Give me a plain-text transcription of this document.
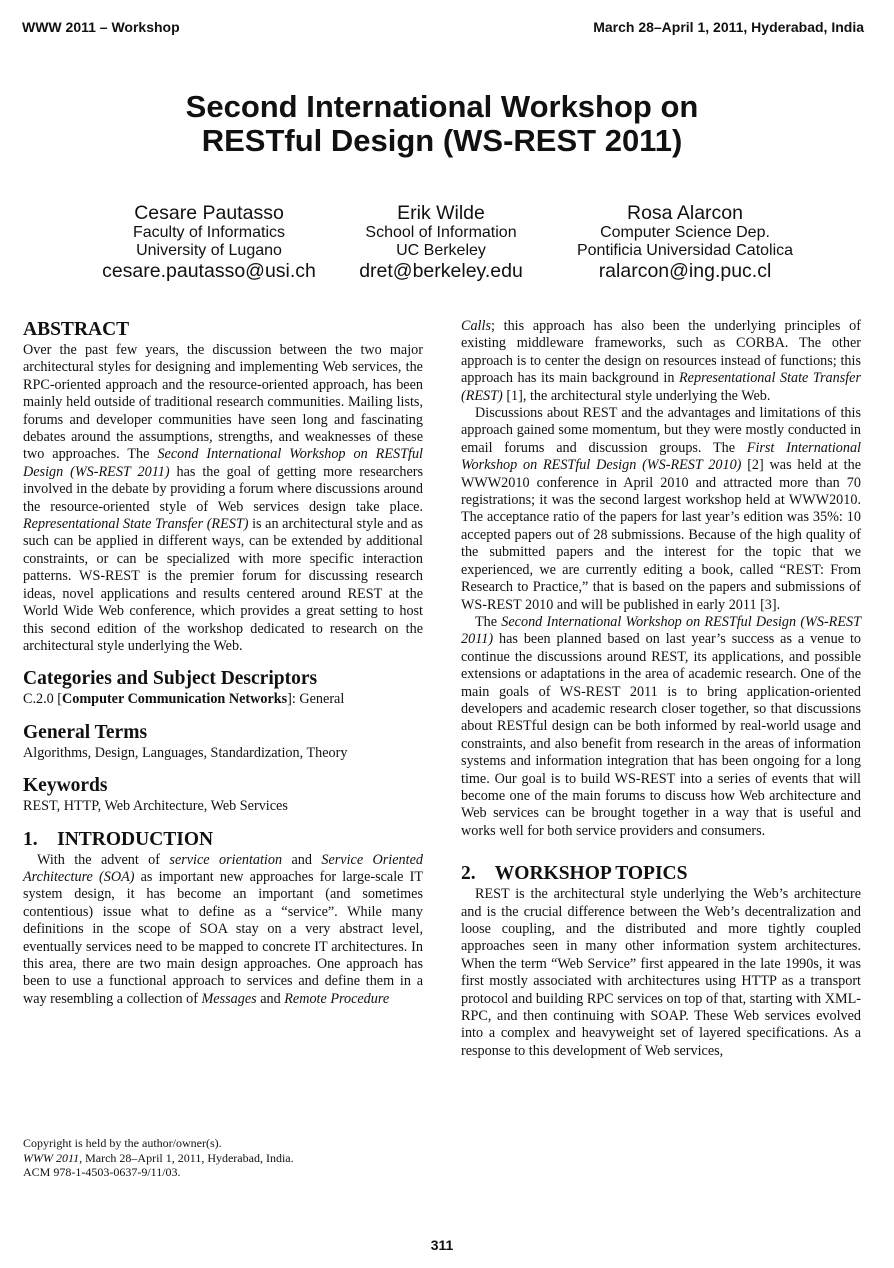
WWW 2011 – Workshop	March 28–April 1, 2011, Hyderabad, India
Second International Workshop on
RESTful Design (WS-REST 2011)
Cesare Pautasso
Faculty of Informatics
University of Lugano
cesare.pautasso@usi.ch
Erik Wilde
School of Information
UC Berkeley
dret@berkeley.edu
Rosa Alarcon
Computer Science Dep.
Pontificia Universidad Catolica
ralarcon@ing.puc.cl
ABSTRACT

Over the past few years, the discussion between the two major architectural styles for designing and implementing Web services, the RPC-oriented approach and the resource-oriented approach, has been mainly held outside of traditional research communities. Mailing lists, forums and developer communities have seen long and fascinating debates around the assumptions, strengths, and weaknesses of these two approaches. The Second International Workshop on RESTful Design (WS-REST 2011) has the goal of getting more researchers involved in the debate by providing a forum where discussions around the resource-oriented style of Web services design take place. Representational State Transfer (REST) is an architectural style and as such can be applied in different ways, can be extended by additional constraints, or can be specialized with more specific interaction patterns. WS-REST is the premier forum for discussing research ideas, novel applications and results centered around REST at the World Wide Web conference, which provides a great setting to host this second edition of the workshop dedicated to research on the architectural style underlying the Web.

Categories and Subject Descriptors

C.2.0 [Computer Communication Networks]: General

General Terms

Algorithms, Design, Languages, Standardization, Theory

Keywords

REST, HTTP, Web Architecture, Web Services

1.    INTRODUCTION

With the advent of service orientation and Service Oriented Architecture (SOA) as important new approaches for large-scale IT system design, it has become an important (and sometimes contentious) issue what to define as a “service”. While many definitions in the scope of SOA stay on a very abstract level, eventually services need to be mapped to concrete IT architectures. In this area, there are two main design approaches. One approach has been to use a functional approach to services and define them in a way resembling a collection of Messages and Remote Procedure

Calls; this approach has also been the underlying principles of existing middleware frameworks, such as CORBA. The other approach is to center the design on resources instead of functions; this approach has its main background in Representational State Transfer (REST) [1], the architectural style underlying the Web.

Discussions about REST and the advantages and limitations of this approach gained some momentum, but they were mostly conducted in email forums and discussion groups. The First International Workshop on RESTful Design (WS-REST 2010) [2] was held at the WWW2010 conference in April 2010 and attracted more than 70 registrations; it was the second largest workshop held at WWW2010. The acceptance ratio of the papers for last year’s edition was 35%: 10 accepted papers out of 28 submissions. Because of the high quality of the submitted papers and the interest for the topic that we experienced, we are currently editing a book, called “REST: From Research to Practice,” that is based on the papers and submissions of WS-REST 2010 and will be published in early 2011 [3].

The Second International Workshop on RESTful Design (WS-REST 2011) has been planned based on last year’s success as a venue to continue the discussions around REST, its applications, and possible extensions or adaptations in the area of academic research. One of the main goals of WS-REST 2011 is to bring application-oriented developers and academic research closer together, so that discussions about RESTful design can be both informed by real-world usage and constraints, and also benefit from research in the areas of information systems and information integration that has been ongoing for a long time. Our goal is to build WS-REST into a series of events that will become one of the main forums to discuss how Web architecture and Web services can be brought together in a way that is useful and works well for both service providers and consumers.

2.    WORKSHOP TOPICS

REST is the architectural style underlying the Web’s architecture and is the crucial difference between the Web’s decentralization and loose coupling, and the distributed and more tightly coupled approaches seen in many other information system architectures. When the term “Web Service” first appeared in the late 1990s, it was first mostly associated with architectures using HTTP as a transport protocol and building RPC services on top of that, starting with XML-RPC, and then continuing with SOAP. These Web services evolved into a complex and heavyweight set of layered specifications. As a response to this development of Web services,

Copyright is held by the author/owner(s).

WWW 2011, March 28–April 1, 2011, Hyderabad, India.

ACM 978-1-4503-0637-9/11/03.

311
